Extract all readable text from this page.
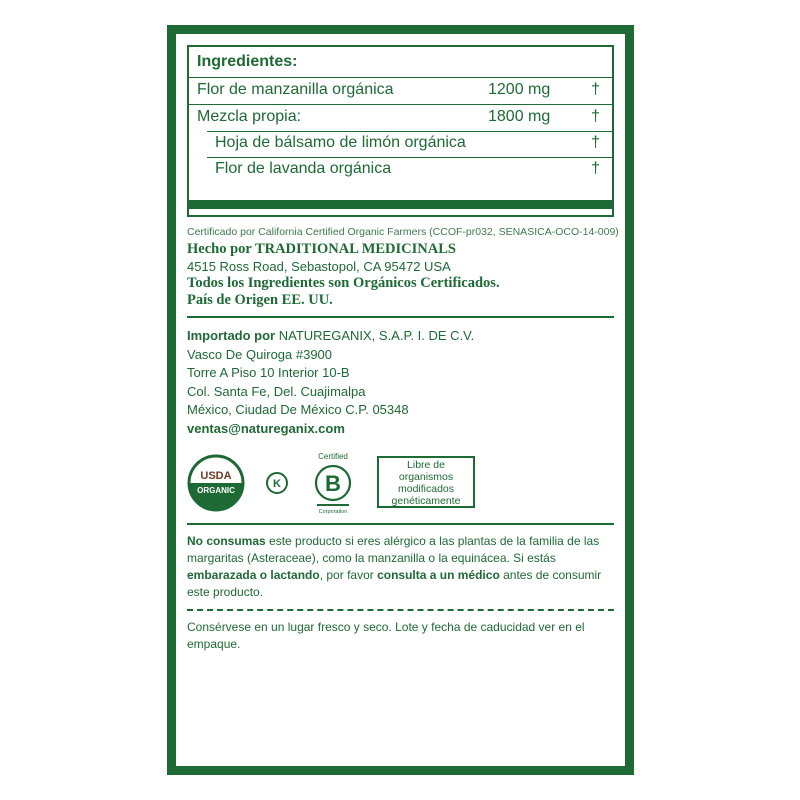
Ingredientes:
Flor de manzanilla orgánica	1200 mg	†
Mezcla propia:	1800 mg	†
Hoja de bálsamo de limón orgánica	†
Flor de lavanda orgánica	†
Certificado por California Certified Organic Farmers (CCOF-pr032, SENASICA-OCO-14-009)
Hecho por TRADITIONAL MEDICINALS
4515 Ross Road, Sebastopol, CA 95472 USA
Todos los Ingredientes son Orgánicos Certificados.
País de Origen EE. UU.
Importado por NATUREGANIX, S.A.P. I. DE C.V.
Vasco De Quiroga #3900
Torre A Piso 10 Interior 10-B
Col. Santa Fe, Del. Cuajimalpa
México, Ciudad De México C.P. 05348
ventas@natureganix.com
USDA
ORGANIC
K
Certified
B
Corporation
Libre de
organismos
modificados
genéticamente
No consumas este producto si eres alérgico a las plantas de la familia de las margaritas (Asteraceae), como la manzanilla o la equinácea. Si estás embarazada o lactando, por favor consulta a un médico antes de consumir este producto.
Consérvese en un lugar fresco y seco. Lote y fecha de caducidad ver en el empaque.
